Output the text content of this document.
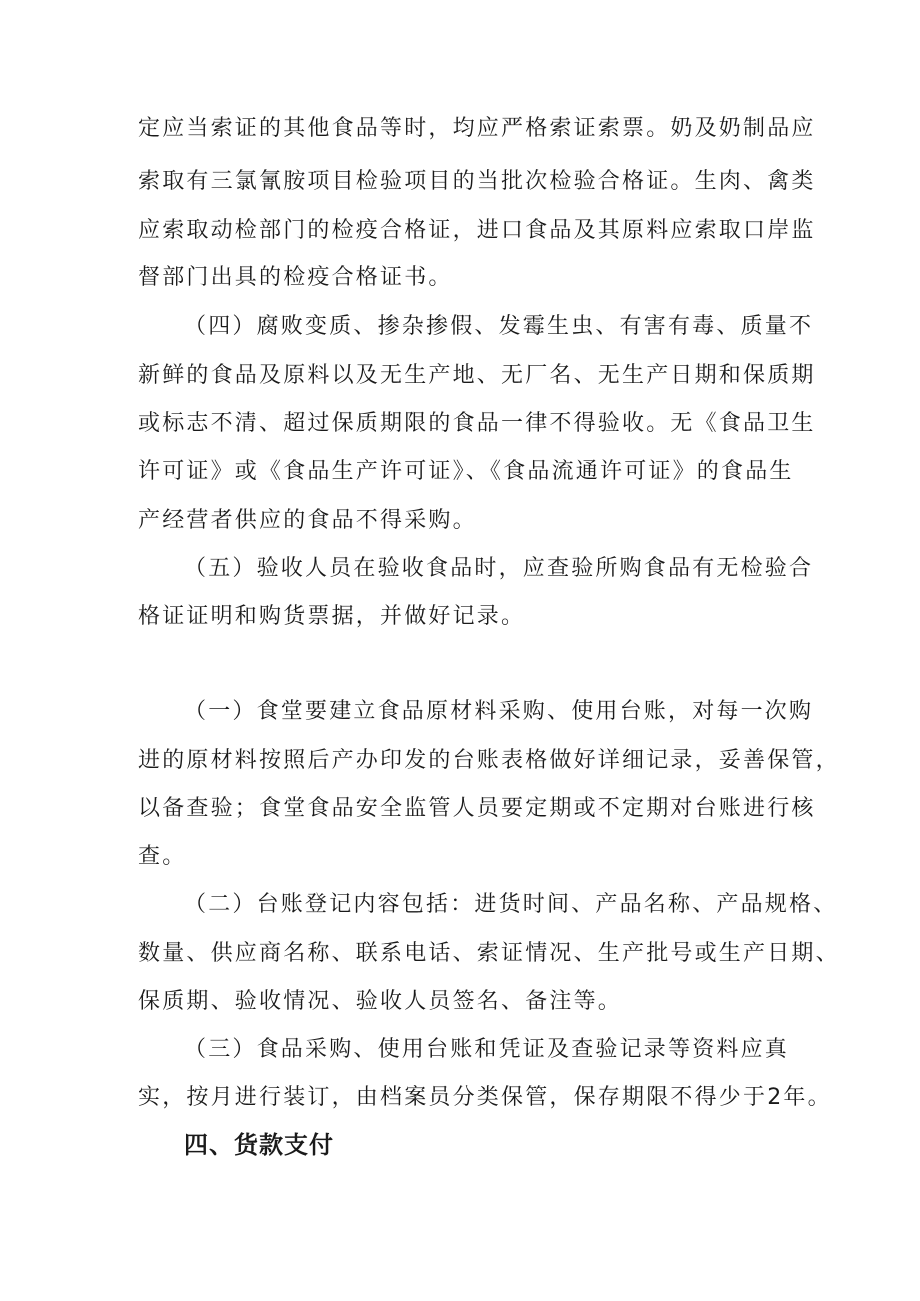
定应当索证的其他食品等时，均应严格索证索票。奶及奶制品应
索取有三氯氰胺项目检验项目的当批次检验合格证。生肉、禽类
应索取动检部门的检疫合格证，进口食品及其原料应索取口岸监
督部门出具的检疫合格证书。
（四）腐败变质、掺杂掺假、发霉生虫、有害有毒、质量不
新鲜的食品及原料以及无生产地、无厂名、无生产日期和保质期
或标志不清、超过保质期限的食品一律不得验收。无《食品卫生
许可证》或《食品生产许可证》、《食品流通许可证》的食品生
产经营者供应的食品不得采购。
（五）验收人员在验收食品时，应查验所购食品有无检验合
格证证明和购货票据，并做好记录。
（一）食堂要建立食品原材料采购、使用台账，对每一次购
进的原材料按照后产办印发的台账表格做好详细记录，妥善保管，
以备查验；食堂食品安全监管人员要定期或不定期对台账进行核
查。
（二）台账登记内容包括：进货时间、产品名称、产品规格、
数量、供应商名称、联系电话、索证情况、生产批号或生产日期、
保质期、验收情况、验收人员签名、备注等。
（三）食品采购、使用台账和凭证及查验记录等资料应真
实，按月进行装订，由档案员分类保管，保存期限不得少于2年。
四、货款支付
